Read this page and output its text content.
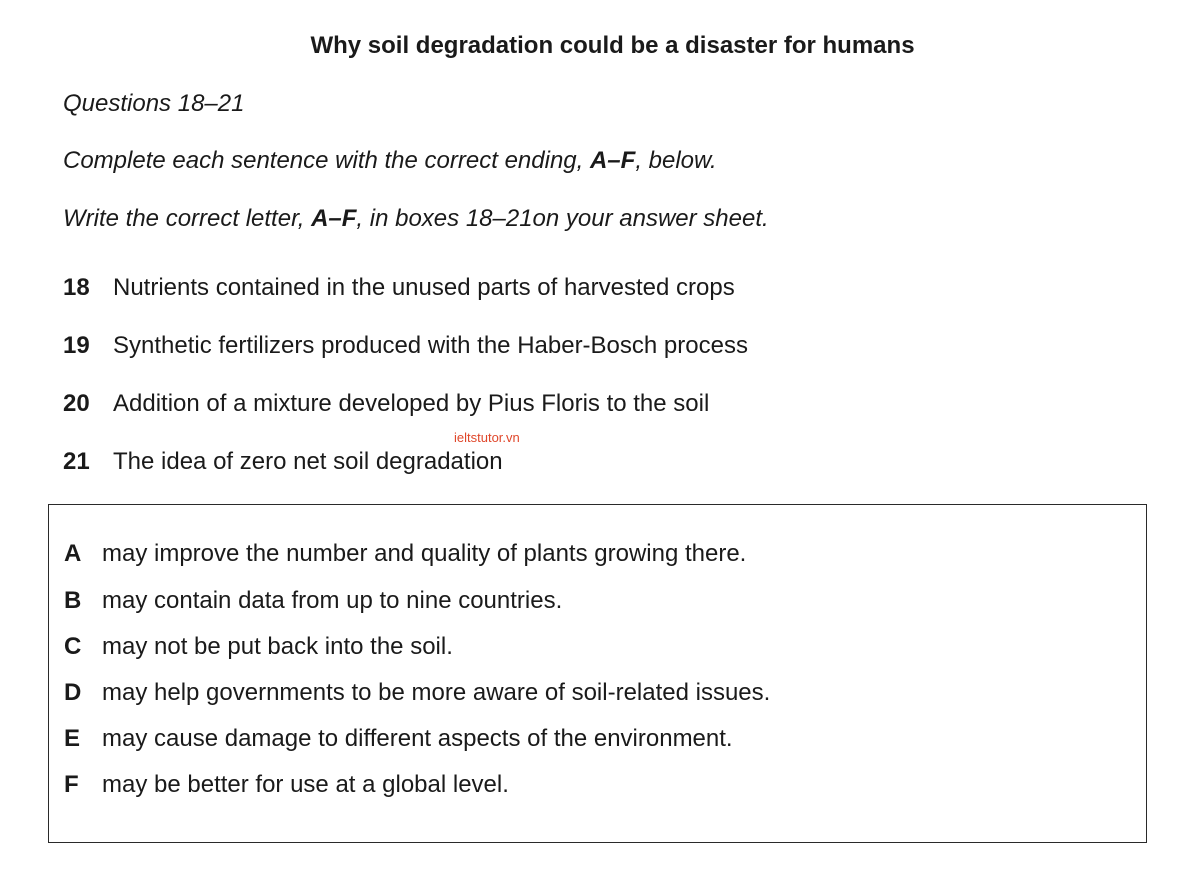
Why soil degradation could be a disaster for humans
Questions 18–21
Complete each sentence with the correct ending, A–F, below.
Write the correct letter, A–F, in boxes 18–21on your answer sheet.
18 Nutrients contained in the unused parts of harvested crops
19 Synthetic fertilizers produced with the Haber-Bosch process
20 Addition of a mixture developed by Pius Floris to the soil
ieltstutor.vn
21 The idea of zero net soil degradation
A may improve the number and quality of plants growing there.
B may contain data from up to nine countries.
C may not be put back into the soil.
D may help governments to be more aware of soil-related issues.
E may cause damage to different aspects of the environment.
F may be better for use at a global level.
